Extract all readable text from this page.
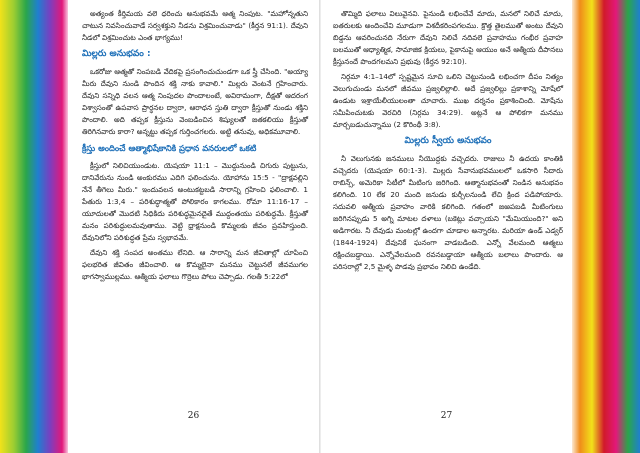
అత్యంత కీర్తిమయ వలె ధరించు అనుభవమే ఆత్మ నింపుట. "మహోన్నతుని చాటున నివసించువాడే సర్వశక్తుని నీడను విశ్రమించువాడు" (కీర్తన 91:1). దేవుని నీడలో విశ్రమించుట ఎంత భాగ్యము!

మిల్లరు అనుభవం :

ఒకరోజు ఆత్మతో నింపబడి వేదికపై ప్రసంగించుచుండగా ఒక స్త్రీ చేసింది. "అయ్యా మీరు దేవుని నుండి పొందిన శక్తి నాకు కావాలి." మిల్లరు వెంటనే గ్రహించారు. దేవుని సన్నిధి వలన ఆత్మ నింపుదల పొందాలంటే, అవిరామంగా, దీక్షతో ఆదరంగ విశ్వాసంతో ఉపవాస ప్రార్థనల ద్వారా, ఆరాధన స్తుతి ద్వారా క్రీస్తుతో నుండు శక్తిని పొందాలి. అది తప్పక క్రీస్తును వెంబడించిన శిష్యులతో జతకలియు క్రీస్తుతో తిరిగినవారు కారా? అన్నట్టు తప్పక గుర్తించగలరు. అట్టి తనువు, అధికమూవాలి.

క్రీస్తు అందించే ఆత్మాభిషేకానికి ప్రధాన వనరులలో ఒకటి

క్రీస్తులో నిలిచియుండుట. యెషయా 11:1 – మొద్దునుండి చిగురు పుట్టును, దానివేరును నుండి అంకురము ఎదిగి ఫలించును. యోహాను 15:5 - "ద్రాక్షవల్లిని నేనే తీగెలు మీరు." ఇందువలన అంటుకట్టబడి సారాన్ని గ్రహించి ఫలించాలి. 1 పేతురు 1:3,4 – పరిశుద్ధాత్మతో పోలికారం కాగలము. రోమా 11:16-17 – యూదులతో మొదటి సిధికిదు పరిశుద్ధమైనదైతే ముద్దంతయు పరిశుద్ధమే. క్రీస్తుతో మనం పరిశుద్ధులమవుతాము. వెట్టి ధ్రాక్షనుండి కొమ్మలకు జీవం ప్రవహిస్తుంది. దేవునిలోని పరిశుద్ధత ప్రేమ స్వభావమే.

దేవుని శక్తి సంపద అంతము లేనిది. ఆ సారాన్ని మన జీవితాల్లో చూపించి ఫలభరిత జీవితం జీవించాలి. ఆ కొమ్మలైనా మనము చెట్టునలే జీవముగల భాగస్వాముల్లము. ఆత్మీయ ఫలాలు గొర్రెలు పోలు చెప్పాడు. గలతీ 5:22లో

26

తొమ్మిది ఫలాలు విలువైనవి. పైనుండి లభించేవే మాదు, మనలో నిలిచే మాదు, ఐతరులకు అందించేవి మూడుగా విశదీకరింపగలము. క్రొత్త తైలముతో అంటు దేవుని బిడ్డను ఆవరించునది నేరుగా దేవుని నిలిచే నదివలె ప్రవాహము గంభీర ప్రవాహ బలముతో ఆధ్యాత్మిక, సామాజిక క్రియలు, పైకానుపై ఆయుం అనే ఆత్మీయ దీపానలు క్రీస్తునందే పొందగలమని ప్రభువు (కీర్తన 92:10).

నిర్గమా 4:1–14లో స్పష్టమైన సూచి ఒలిని చెట్టునుండి లభించగా దీపం నిత్యం వెలుగుచుండు మనలో జీవము ప్రజ్వలిల్లాలి. అదే ప్రజ్వలిల్లు ప్రకాశాన్ని మోషేలో ఉండుట ఇశ్రాయేలీయులంతా చూచారు. ముఖ దర్శనం ప్రకాశించింది. మోషేను సమీపించుటకు వెరచిరి (నిర్గమ 34:29). అట్లనే ఆ పోలికగా మనము మార్చబడుచున్నాము (2 కొరింథీ 3:8).

మిల్లరు స్వీయ అనుభవం

నీ వెలుగునకు జనములు నీయొద్దకు వచ్చెదరు. రాజులు నీ ఉదయ కాంతికి వచ్చెదరు (యెషయా 60:1-3). మిల్లరు సేవానుభవములలో ఒకసారి సీదారు రాబిన్స్, అమెరికా సిటీలో మీటింగు జరిగింది. ఆత్మానుభవంతో నిండిన అనుభవం కలిగింది. 10 లేక 20 మంది జనుడు కుర్చీలనుండి లేచి క్రింద పడిపోయారు. సదువలి ఆత్మీయ ప్రవాహం వారికి కలిగింది. గతంలో జఱపబడి మీటింగులు జరిగినప్పుడు 5 అగ్ని మాటల దళాలు (బకెట్లు వచ్చాయని "మేమియుంది?" అని అడిగారట. నీ దేవుడు మంటల్లో ఉందగా చూడాల అన్నారట. మరియా ఉండ్ ఎడ్వర్ (1844-1924) దేవునికే ఘనంగా వాడబడింది. ఎన్నో వేలమంది ఆత్మలు రక్షించబడ్డాయి. ఎన్నోవేలమంది రవనబడ్డాయా ఆత్మీయ బలాలు పొందారు. ఆ పరిసరాల్లో 2,5 మైళ్ళ పొడవు ప్రభావం నిలిచి ఉండేది.

27
